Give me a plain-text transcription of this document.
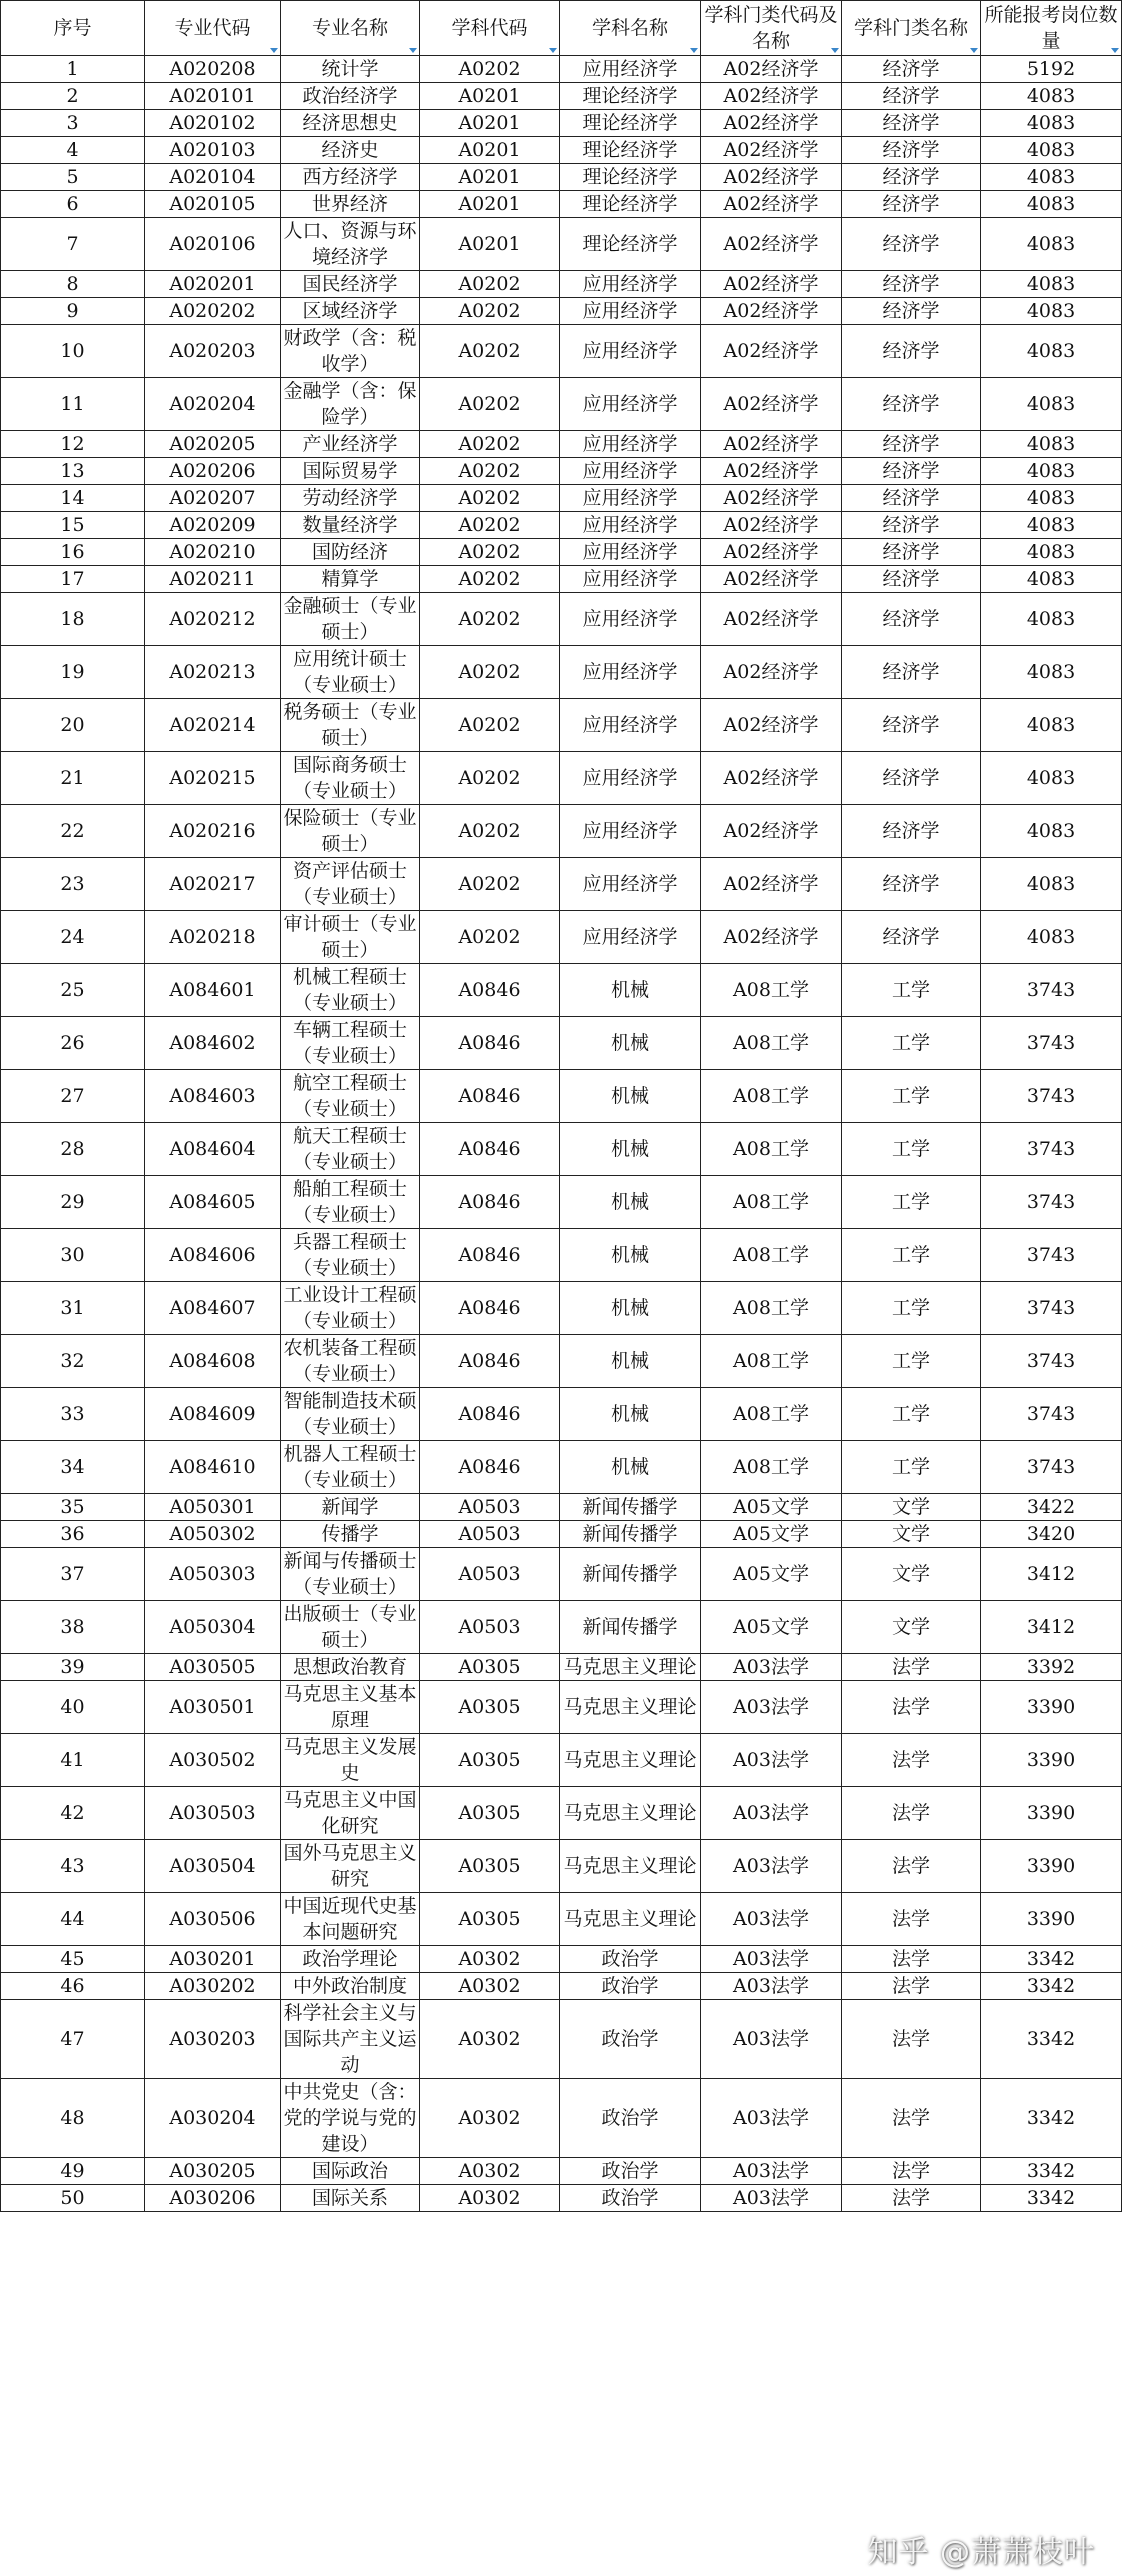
序号	专业代码	专业名称	学科代码	学科名称	学科门类代码及名称	学科门类名称	所能报考岗位数量

1	A020208	统计学	A0202	应用经济学	A02经济学	经济学	5192
2	A020101	政治经济学	A0201	理论经济学	A02经济学	经济学	4083
3	A020102	经济思想史	A0201	理论经济学	A02经济学	经济学	4083
4	A020103	经济史	A0201	理论经济学	A02经济学	经济学	4083
5	A020104	西方经济学	A0201	理论经济学	A02经济学	经济学	4083
6	A020105	世界经济	A0201	理论经济学	A02经济学	经济学	4083
7	A020106	人口、资源与环境经济学	A0201	理论经济学	A02经济学	经济学	4083
8	A020201	国民经济学	A0202	应用经济学	A02经济学	经济学	4083
9	A020202	区域经济学	A0202	应用经济学	A02经济学	经济学	4083
10	A020203	财政学（含：税收学）	A0202	应用经济学	A02经济学	经济学	4083
11	A020204	金融学（含：保险学）	A0202	应用经济学	A02经济学	经济学	4083
12	A020205	产业经济学	A0202	应用经济学	A02经济学	经济学	4083
13	A020206	国际贸易学	A0202	应用经济学	A02经济学	经济学	4083
14	A020207	劳动经济学	A0202	应用经济学	A02经济学	经济学	4083
15	A020209	数量经济学	A0202	应用经济学	A02经济学	经济学	4083
16	A020210	国防经济	A0202	应用经济学	A02经济学	经济学	4083
17	A020211	精算学	A0202	应用经济学	A02经济学	经济学	4083
18	A020212	金融硕士（专业硕士）	A0202	应用经济学	A02经济学	经济学	4083
19	A020213	应用统计硕士（专业硕士）	A0202	应用经济学	A02经济学	经济学	4083
20	A020214	税务硕士（专业硕士）	A0202	应用经济学	A02经济学	经济学	4083
21	A020215	国际商务硕士（专业硕士）	A0202	应用经济学	A02经济学	经济学	4083
22	A020216	保险硕士（专业硕士）	A0202	应用经济学	A02经济学	经济学	4083
23	A020217	资产评估硕士（专业硕士）	A0202	应用经济学	A02经济学	经济学	4083
24	A020218	审计硕士（专业硕士）	A0202	应用经济学	A02经济学	经济学	4083
25	A084601	机械工程硕士（专业硕士）	A0846	机械	A08工学	工学	3743
26	A084602	车辆工程硕士（专业硕士）	A0846	机械	A08工学	工学	3743
27	A084603	航空工程硕士（专业硕士）	A0846	机械	A08工学	工学	3743
28	A084604	航天工程硕士（专业硕士）	A0846	机械	A08工学	工学	3743
29	A084605	船舶工程硕士（专业硕士）	A0846	机械	A08工学	工学	3743
30	A084606	兵器工程硕士（专业硕士）	A0846	机械	A08工学	工学	3743
31	A084607	工业设计工程硕（专业硕士）	A0846	机械	A08工学	工学	3743
32	A084608	农机装备工程硕（专业硕士）	A0846	机械	A08工学	工学	3743
33	A084609	智能制造技术硕（专业硕士）	A0846	机械	A08工学	工学	3743
34	A084610	机器人工程硕士（专业硕士）	A0846	机械	A08工学	工学	3743
35	A050301	新闻学	A0503	新闻传播学	A05文学	文学	3422
36	A050302	传播学	A0503	新闻传播学	A05文学	文学	3420
37	A050303	新闻与传播硕士（专业硕士）	A0503	新闻传播学	A05文学	文学	3412
38	A050304	出版硕士（专业硕士）	A0503	新闻传播学	A05文学	文学	3412
39	A030505	思想政治教育	A0305	马克思主义理论	A03法学	法学	3392
40	A030501	马克思主义基本原理	A0305	马克思主义理论	A03法学	法学	3390
41	A030502	马克思主义发展史	A0305	马克思主义理论	A03法学	法学	3390
42	A030503	马克思主义中国化研究	A0305	马克思主义理论	A03法学	法学	3390
43	A030504	国外马克思主义研究	A0305	马克思主义理论	A03法学	法学	3390
44	A030506	中国近现代史基本问题研究	A0305	马克思主义理论	A03法学	法学	3390
45	A030201	政治学理论	A0302	政治学	A03法学	法学	3342
46	A030202	中外政治制度	A0302	政治学	A03法学	法学	3342
47	A030203	科学社会主义与国际共产主义运动	A0302	政治学	A03法学	法学	3342
48	A030204	中共党史（含：党的学说与党的建设）	A0302	政治学	A03法学	法学	3342
49	A030205	国际政治	A0302	政治学	A03法学	法学	3342
50	A030206	国际关系	A0302	政治学	A03法学	法学	3342
知乎 @萧萧枝叶
